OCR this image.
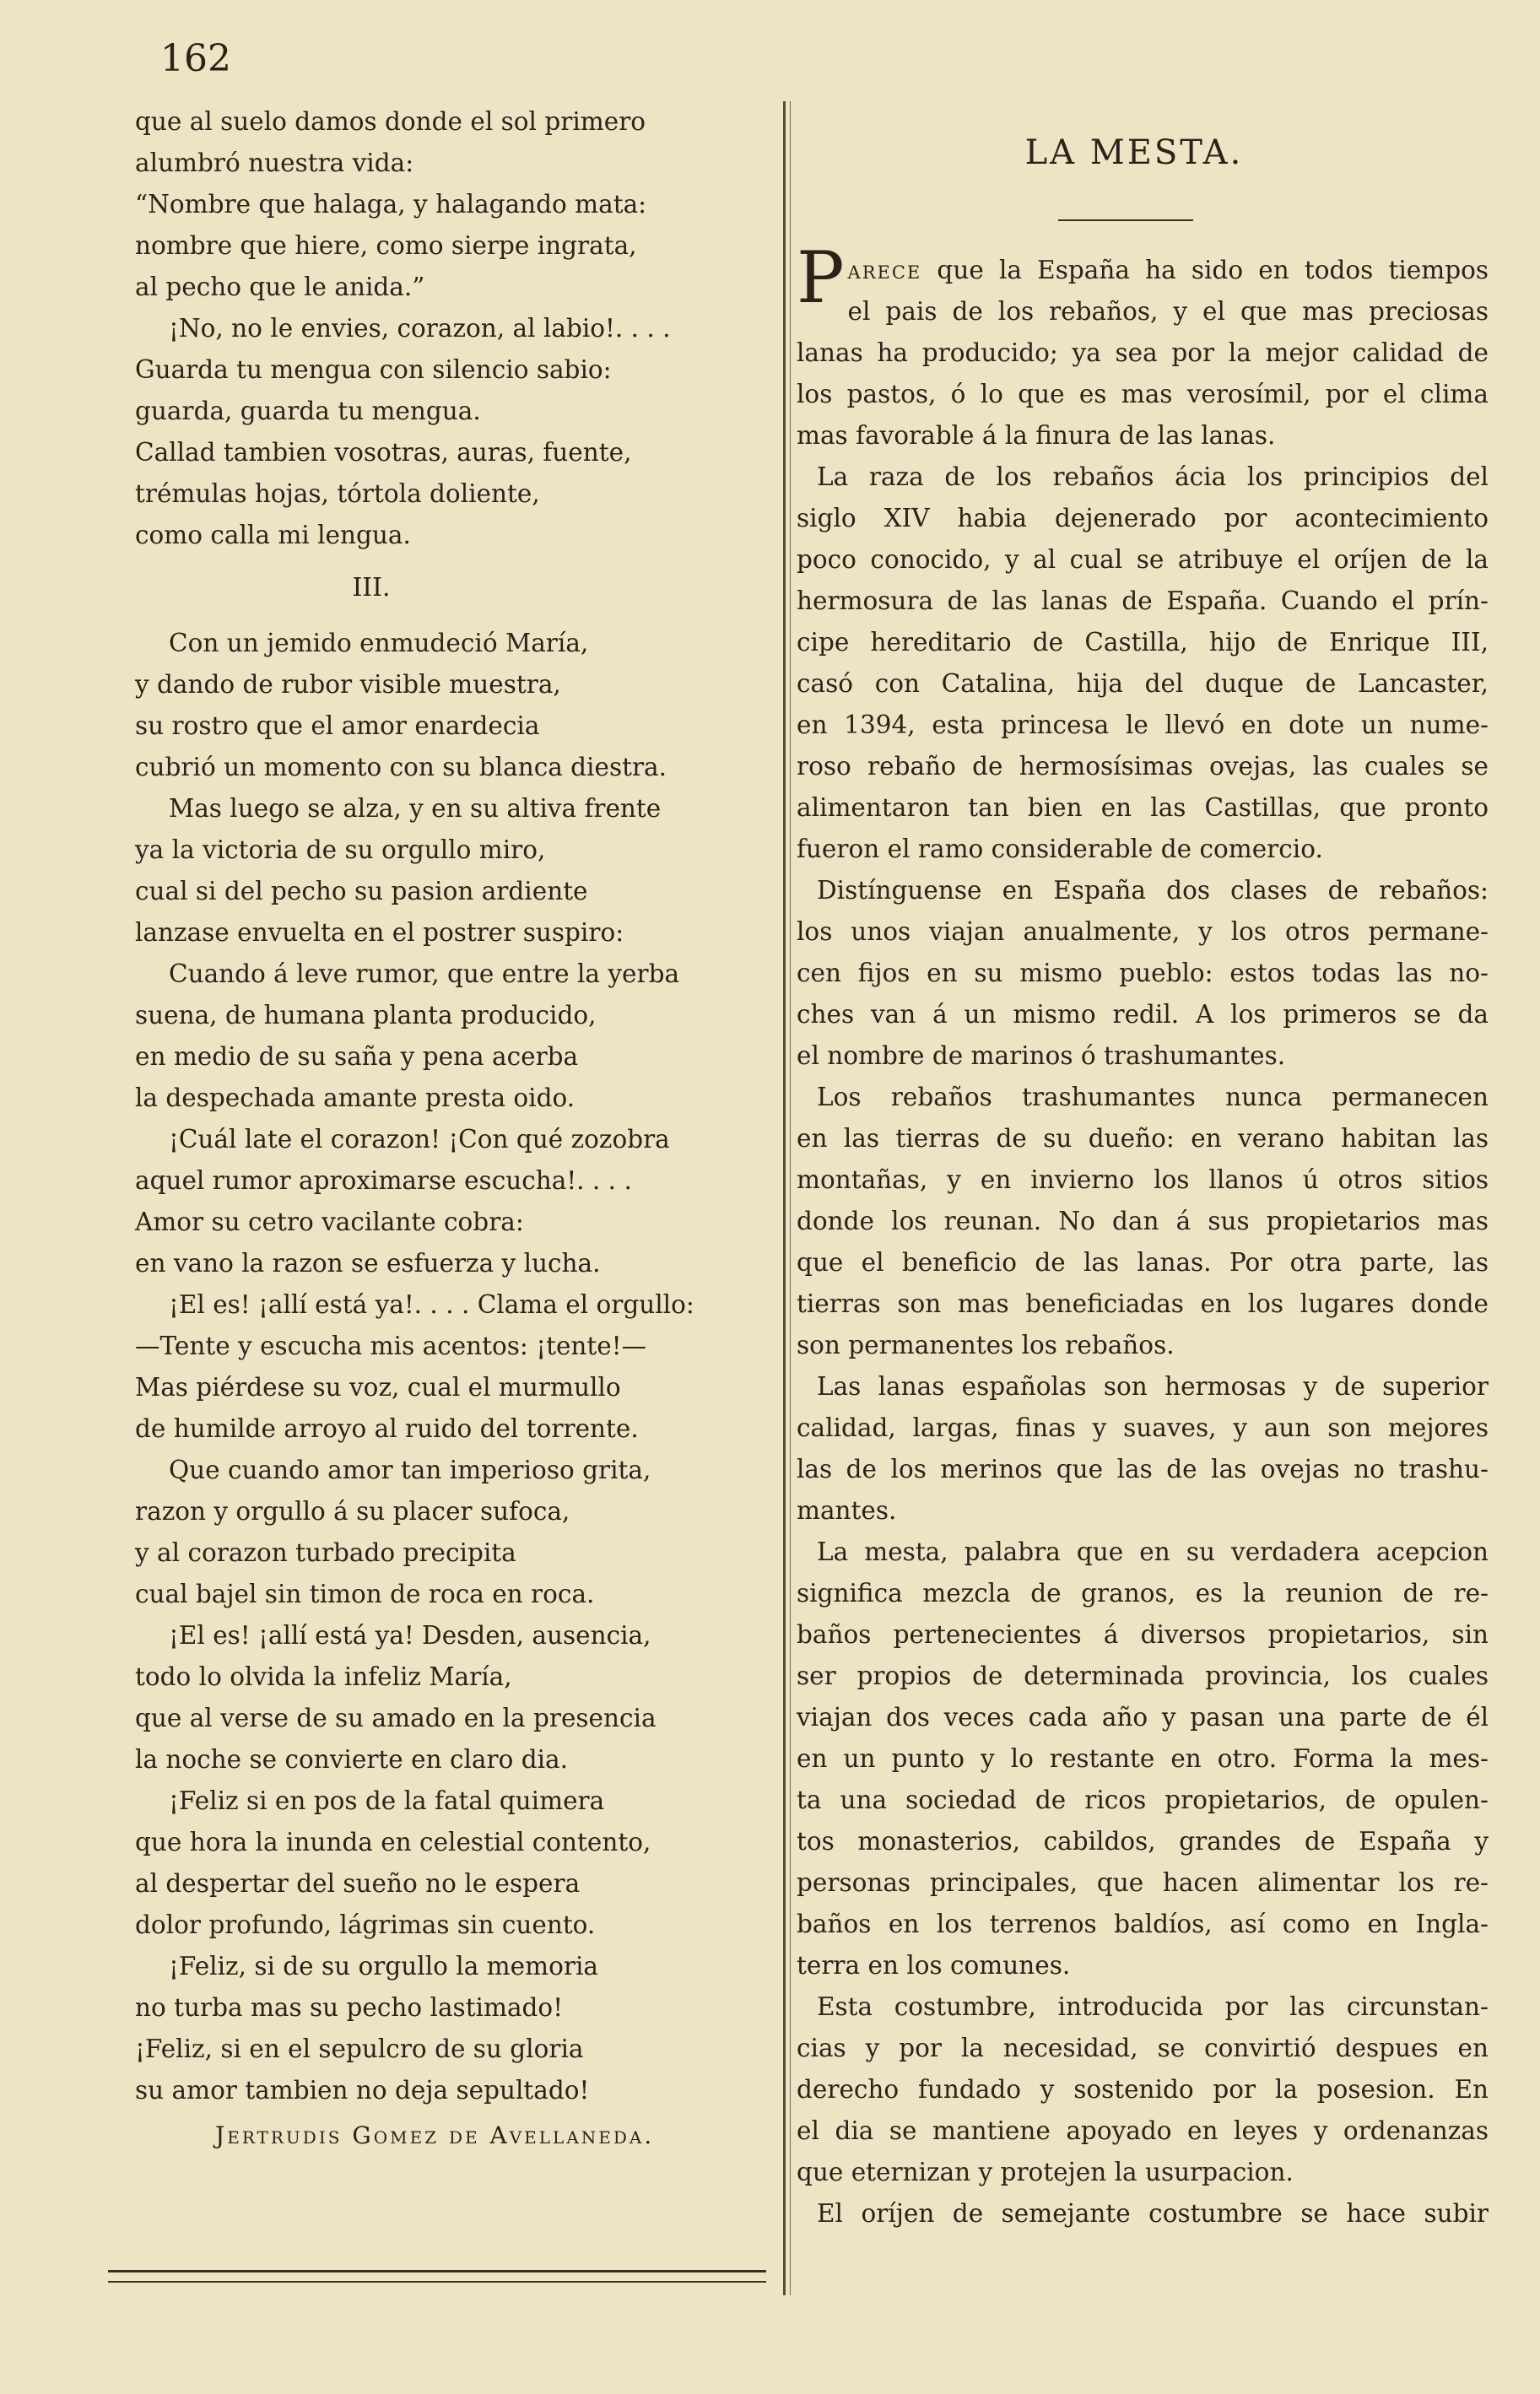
162
que al suelo damos donde el sol primero
alumbró nuestra vida:
“Nombre que halaga, y halagando mata:
nombre que hiere, como sierpe ingrata,
al pecho que le anida.”
¡No, no le envies, corazon, al labio!. . . .
Guarda tu mengua con silencio sabio:
guarda, guarda tu mengua.
Callad tambien vosotras, auras, fuente,
trémulas hojas, tórtola doliente,
como calla mi lengua.
III.
Con un jemido enmudeció María,
y dando de rubor visible muestra,
su rostro que el amor enardecia
cubrió un momento con su blanca diestra.
Mas luego se alza, y en su altiva frente
ya la victoria de su orgullo miro,
cual si del pecho su pasion ardiente
lanzase envuelta en el postrer suspiro:
Cuando á leve rumor, que entre la yerba
suena, de humana planta producido,
en medio de su saña y pena acerba
la despechada amante presta oido.
¡Cuál late el corazon! ¡Con qué zozobra
aquel rumor aproximarse escucha!. . . .
Amor su cetro vacilante cobra:
en vano la razon se esfuerza y lucha.
¡El es! ¡allí está ya!. . . . Clama el orgullo:
—Tente y escucha mis acentos: ¡tente!—
Mas piérdese su voz, cual el murmullo
de humilde arroyo al ruido del torrente.
Que cuando amor tan imperioso grita,
razon y orgullo á su placer sufoca,
y al corazon turbado precipita
cual bajel sin timon de roca en roca.
¡El es! ¡allí está ya! Desden, ausencia,
todo lo olvida la infeliz María,
que al verse de su amado en la presencia
la noche se convierte en claro dia.
¡Feliz si en pos de la fatal quimera
que hora la inunda en celestial contento,
al despertar del sueño no le espera
dolor profundo, lágrimas sin cuento.
¡Feliz, si de su orgullo la memoria
no turba mas su pecho lastimado!
¡Feliz, si en el sepulcro de su gloria
su amor tambien no deja sepultado!
Jertrudis Gomez de Avellaneda.
LA MESTA.
Parece que la España ha sido en todos tiempos
el pais de los rebaños, y el que mas preciosas
lanas ha producido; ya sea por la mejor calidad de
los pastos, ó lo que es mas verosímil, por el clima
mas favorable á la finura de las lanas.
La raza de los rebaños ácia los principios del
siglo XIV habia dejenerado por acontecimiento
poco conocido, y al cual se atribuye el oríjen de la
hermosura de las lanas de España. Cuando el prín-
cipe hereditario de Castilla, hijo de Enrique III,
casó con Catalina, hija del duque de Lancaster,
en 1394, esta princesa le llevó en dote un nume-
roso rebaño de hermosísimas ovejas, las cuales se
alimentaron tan bien en las Castillas, que pronto
fueron el ramo considerable de comercio.
Distínguense en España dos clases de rebaños:
los unos viajan anualmente, y los otros permane-
cen fijos en su mismo pueblo: estos todas las no-
ches van á un mismo redil. A los primeros se da
el nombre de marinos ó trashumantes.
Los rebaños trashumantes nunca permanecen
en las tierras de su dueño: en verano habitan las
montañas, y en invierno los llanos ú otros sitios
donde los reunan. No dan á sus propietarios mas
que el beneficio de las lanas. Por otra parte, las
tierras son mas beneficiadas en los lugares donde
son permanentes los rebaños.
Las lanas españolas son hermosas y de superior
calidad, largas, finas y suaves, y aun son mejores
las de los merinos que las de las ovejas no trashu-
mantes.
La mesta, palabra que en su verdadera acepcion
significa mezcla de granos, es la reunion de re-
baños pertenecientes á diversos propietarios, sin
ser propios de determinada provincia, los cuales
viajan dos veces cada año y pasan una parte de él
en un punto y lo restante en otro. Forma la mes-
ta una sociedad de ricos propietarios, de opulen-
tos monasterios, cabildos, grandes de España y
personas principales, que hacen alimentar los re-
baños en los terrenos baldíos, así como en Ingla-
terra en los comunes.
Esta costumbre, introducida por las circunstan-
cias y por la necesidad, se convirtió despues en
derecho fundado y sostenido por la posesion. En
el dia se mantiene apoyado en leyes y ordenanzas
que eternizan y protejen la usurpacion.
El oríjen de semejante costumbre se hace subir
